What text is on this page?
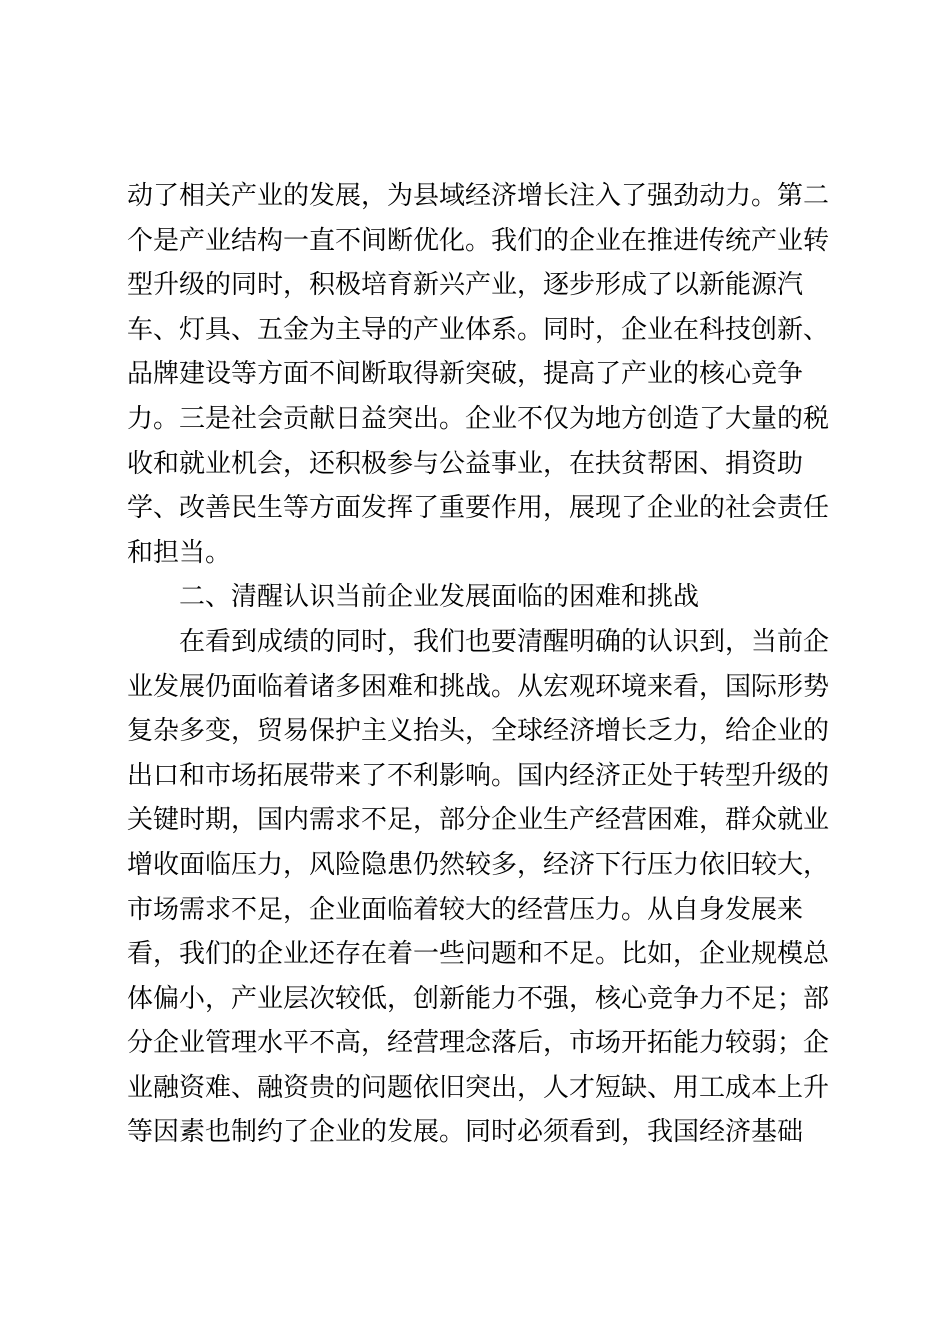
动了相关产业的发展，为县域经济增长注入了强劲动力。第二
个是产业结构一直不间断优化。我们的企业在推进传统产业转
型升级的同时，积极培育新兴产业，逐步形成了以新能源汽
车、灯具、五金为主导的产业体系。同时，企业在科技创新、
品牌建设等方面不间断取得新突破，提高了产业的核心竞争
力。三是社会贡献日益突出。企业不仅为地方创造了大量的税
收和就业机会，还积极参与公益事业，在扶贫帮困、捐资助
学、改善民生等方面发挥了重要作用，展现了企业的社会责任
和担当。
二、清醒认识当前企业发展面临的困难和挑战
在看到成绩的同时，我们也要清醒明确的认识到，当前企
业发展仍面临着诸多困难和挑战。从宏观环境来看，国际形势
复杂多变，贸易保护主义抬头，全球经济增长乏力，给企业的
出口和市场拓展带来了不利影响。国内经济正处于转型升级的
关键时期，国内需求不足，部分企业生产经营困难，群众就业
增收面临压力，风险隐患仍然较多，经济下行压力依旧较大，
市场需求不足，企业面临着较大的经营压力。从自身发展来
看，我们的企业还存在着一些问题和不足。比如，企业规模总
体偏小，产业层次较低，创新能力不强，核心竞争力不足；部
分企业管理水平不高，经营理念落后，市场开拓能力较弱；企
业融资难、融资贵的问题依旧突出，人才短缺、用工成本上升
等因素也制约了企业的发展。同时必须看到，我国经济基础
